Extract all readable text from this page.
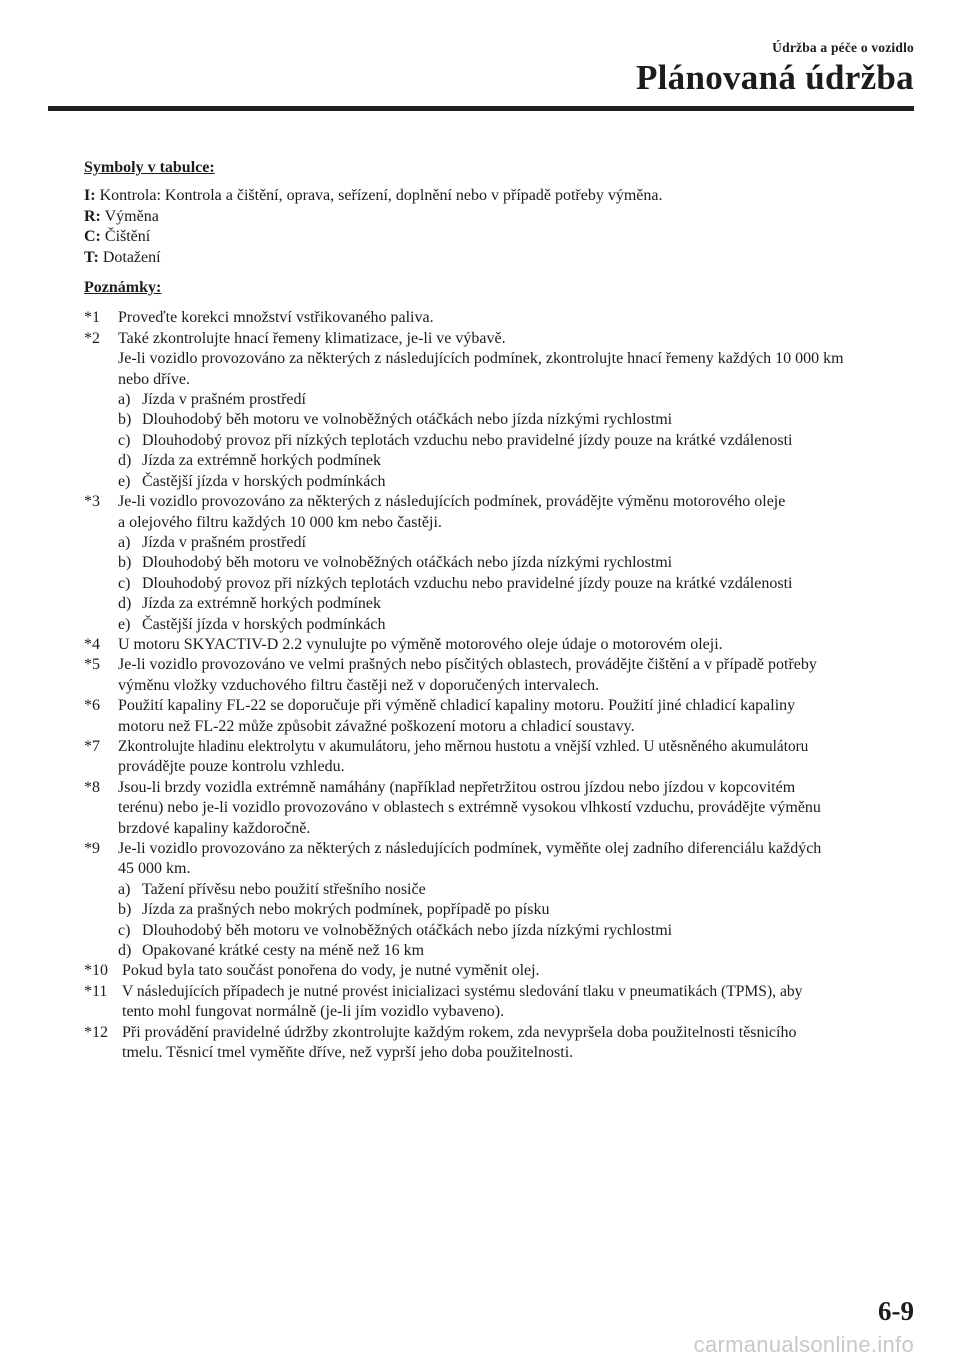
Údržba a péče o vozidlo
Plánovaná údržba

Symboly v tabulce:

I: Kontrola: Kontrola a čištění, oprava, seřízení, doplnění nebo v případě potřeby výměna.

R: Výměna

C: Čištění

T: Dotažení

Poznámky:

*1 Proveďte korekci množství vstřikovaného paliva.
*2 Také zkontrolujte hnací řemeny klimatizace, je-li ve výbavě.
Je-li vozidlo provozováno za některých z následujících podmínek, zkontrolujte hnací řemeny každých 10 000 km
nebo dříve.
a) Jízda v prašném prostředí
b) Dlouhodobý běh motoru ve volnoběžných otáčkách nebo jízda nízkými rychlostmi
c) Dlouhodobý provoz při nízkých teplotách vzduchu nebo pravidelné jízdy pouze na krátké vzdálenosti
d) Jízda za extrémně horkých podmínek
e) Častější jízda v horských podmínkách
*3 Je-li vozidlo provozováno za některých z následujících podmínek, provádějte výměnu motorového oleje
a olejového filtru každých 10 000 km nebo častěji.
a) Jízda v prašném prostředí
b) Dlouhodobý běh motoru ve volnoběžných otáčkách nebo jízda nízkými rychlostmi
c) Dlouhodobý provoz při nízkých teplotách vzduchu nebo pravidelné jízdy pouze na krátké vzdálenosti
d) Jízda za extrémně horkých podmínek
e) Častější jízda v horských podmínkách
*4 U motoru SKYACTIV-D 2.2 vynulujte po výměně motorového oleje údaje o motorovém oleji.
*5 Je-li vozidlo provozováno ve velmi prašných nebo písčitých oblastech, provádějte čištění a v případě potřeby
výměnu vložky vzduchového filtru častěji než v doporučených intervalech.
*6 Použití kapaliny FL-22 se doporučuje při výměně chladicí kapaliny motoru. Použití jiné chladicí kapaliny
motoru než FL-22 může způsobit závažné poškození motoru a chladicí soustavy.
*7 Zkontrolujte hladinu elektrolytu v akumulátoru, jeho měrnou hustotu a vnější vzhled. U utěsněného akumulátoru
provádějte pouze kontrolu vzhledu.
*8 Jsou-li brzdy vozidla extrémně namáhány (například nepřetržitou ostrou jízdou nebo jízdou v kopcovitém
terénu) nebo je-li vozidlo provozováno v oblastech s extrémně vysokou vlhkostí vzduchu, provádějte výměnu
brzdové kapaliny každoročně.
*9 Je-li vozidlo provozováno za některých z následujících podmínek, vyměňte olej zadního diferenciálu každých
45 000 km.
a) Tažení přívěsu nebo použití střešního nosiče
b) Jízda za prašných nebo mokrých podmínek, popřípadě po písku
c) Dlouhodobý běh motoru ve volnoběžných otáčkách nebo jízda nízkými rychlostmi
d) Opakované krátké cesty na méně než 16 km
*10 Pokud byla tato součást ponořena do vody, je nutné vyměnit olej.
*11 V následujících případech je nutné provést inicializaci systému sledování tlaku v pneumatikách (TPMS), aby
tento mohl fungovat normálně (je-li jím vozidlo vybaveno).
*12 Při provádění pravidelné údržby zkontrolujte každým rokem, zda nevypršela doba použitelnosti těsnicího
tmelu. Těsnicí tmel vyměňte dříve, než vyprší jeho doba použitelnosti.
6-9
carmanualsonline.info
